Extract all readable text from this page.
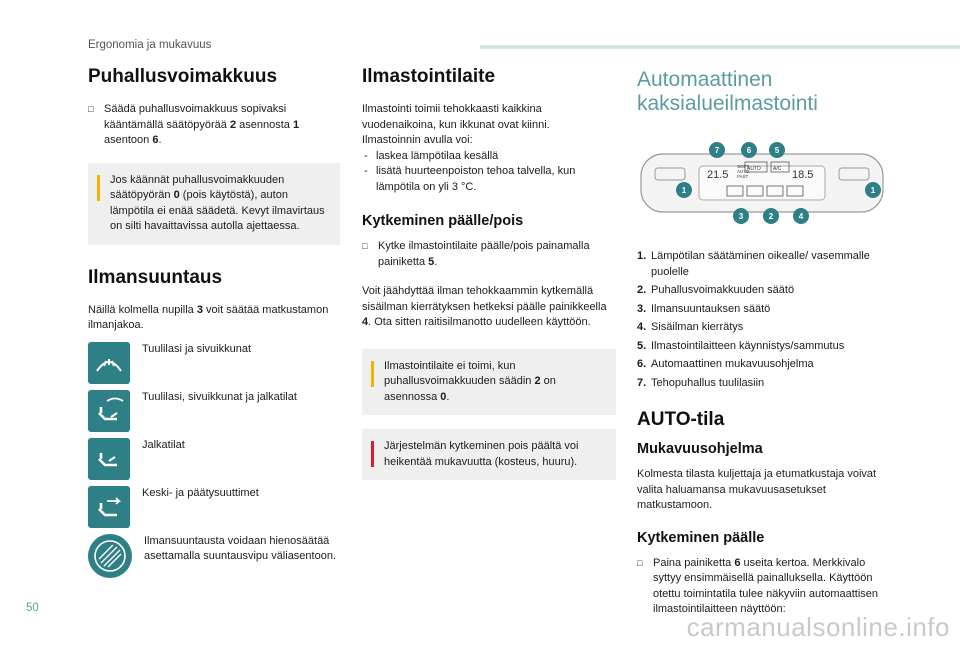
Ergonomia ja mukavuus
Puhallusvoimakkuus
□ Säädä puhallusvoimakkuus sopivaksi kääntämällä säätöpyörää 2 asennosta 1 asentoon 6.

Jos käännät puhallusvoimakkuuden säätöpyörän 0 (pois käytöstä), auton lämpötila ei enää säädetä. Kevyt ilmavirtaus on silti havaittavissa autolla ajettaessa.

Ilmansuuntaus

Näillä kolmella nupilla 3 voit säätää matkustamon ilmanjakoa.

Tuulilasi ja sivuikkunat
Tuulilasi, sivuikkunat ja jalkatilat
Jalkatilat
Keski- ja päätysuuttimet
Ilmansuuntausta voidaan hienosäätää asettamalla suuntausvipu väliasentoon.
Ilmastointilaite

Ilmastointi toimii tehokkaasti kaikkina vuodenaikoina, kun ikkunat ovat kiinni.

Ilmastoinnin avulla voi:

- laskea lämpötilaa kesällä
- lisätä huurteenpoiston tehoa talvella, kun lämpötila on yli 3 °C.
Kytkeminen päälle/pois
□ Kytke ilmastointilaite päälle/pois painamalla painiketta 5.

Voit jäähdyttää ilman tehokkaammin kytkemällä sisäilman kierrätyksen hetkeksi päälle painikkeella 4. Ota sitten raitisilmanotto uudelleen käyttöön.

Ilmastointilaite ei toimi, kun puhallusvoimakkuuden säädin 2 on asennossa 0.

Järjestelmän kytkeminen pois päältä voi heikentää mukavuutta (kosteus, huuru).

Automaattinen
kaksialueilmastointi
21.5	18.5
SOFT
AUTO
FAST
AUTO A/C
7	6	5
1
3	2	4
1
1. Lämpötilan säätäminen oikealle/ vasemmalle puolelle
2. Puhallusvoimakkuuden säätö
3. Ilmansuuntauksen säätö
4. Sisäilman kierrätys
5. Ilmastointilaitteen käynnistys/sammutus
6. Automaattinen mukavuusohjelma
7. Tehopuhallus tuulilasiin
AUTO-tila
Mukavuusohjelma

Kolmesta tilasta kuljettaja ja etumatkustaja voivat valita haluamansa mukavuusasetukset matkustamoon.

Kytkeminen päälle
□ Paina painiketta 6 useita kertoa. Merkkivalo syttyy ensimmäisellä painalluksella. Käyttöön otettu toimintatila tulee näkyviin automaattisen ilmastointilaitteen näyttöön:
50
carmanualsonline.info
